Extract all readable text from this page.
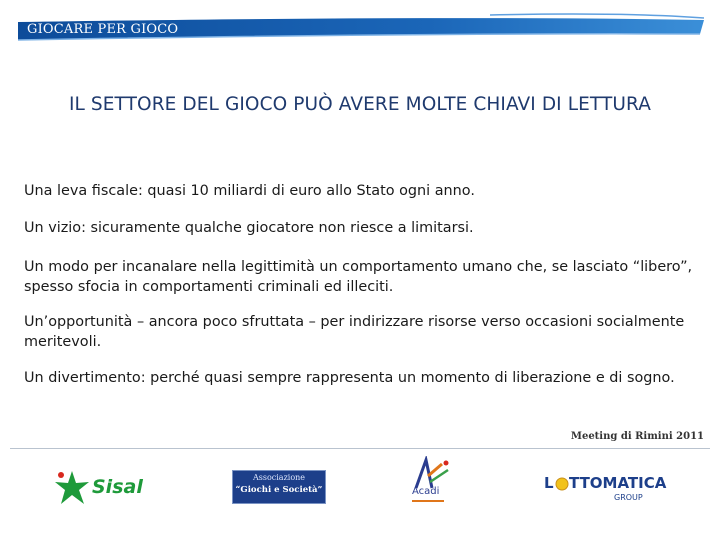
GIOCARE PER GIOCO
IL SETTORE DEL GIOCO PUÒ AVERE MOLTE CHIAVI DI LETTURA
Una leva fiscale: quasi 10 miliardi di euro allo Stato ogni anno.
Un vizio: sicuramente qualche giocatore non riesce a limitarsi.
Un modo per incanalare nella legittimità un comportamento umano che, se lasciato “libero”, spesso sfocia in comportamenti criminali ed illeciti.
Un’opportunità – ancora poco sfruttata – per indirizzare risorse verso occasioni socialmente meritevoli.
Un divertimento: perché quasi sempre rappresenta un momento di liberazione e di sogno.
Meeting di Rimini 2011
Sisal	Associazione
“Giochi e Società”	Acadi	L TTOMATICA
GROUP
